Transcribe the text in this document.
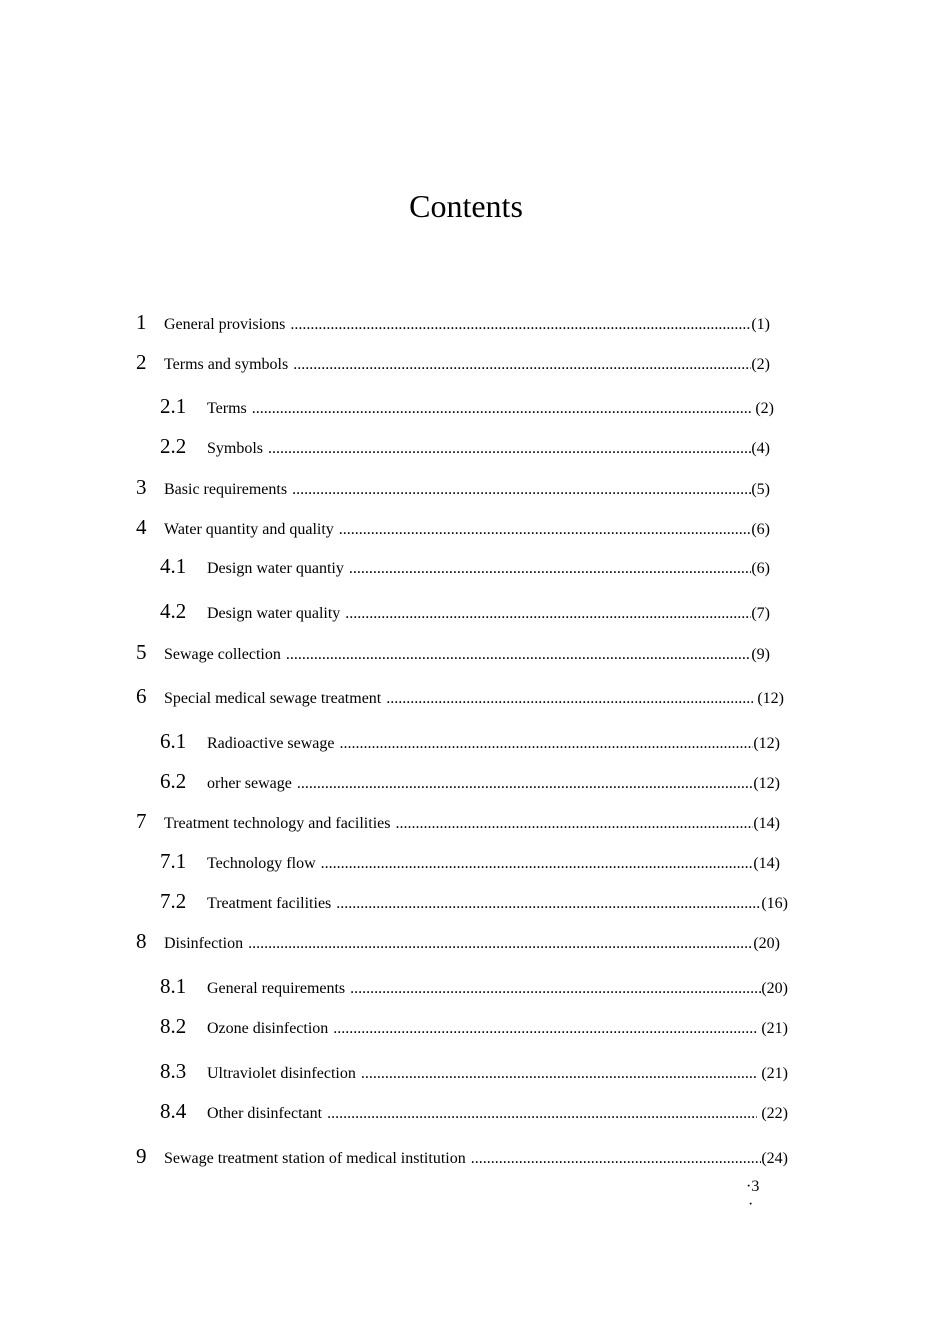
Contents
1	General provisions .....	(1)
2	Terms and symbols .....	(2)
2.1	Terms .....	(2)
2.2	Symbols .....	(4)
3	Basic requirements .....	(5)
4	Water quantity and quality .....	(6)
4.1	Design water quantiy .....	(6)
4.2	Design water quality .....	(7)
5	Sewage collection .....	(9)
6	Special medical sewage treatment .....	(12)
6.1	Radioactive sewage .....	(12)
6.2	orher sewage .....	(12)
7	Treatment technology and facilities .....	(14)
7.1	Technology flow .....	(14)
7.2	Treatment facilities .....	(16)
8	Disinfection .....	(20)
8.1	General requirements .....	(20)
8.2	Ozone disinfection .....	(21)
8.3	Ultraviolet disinfection .....	(21)
8.4	Other disinfectant .....	(22)
9	Sewage treatment station of medical institution .....	(24)
·3
·
